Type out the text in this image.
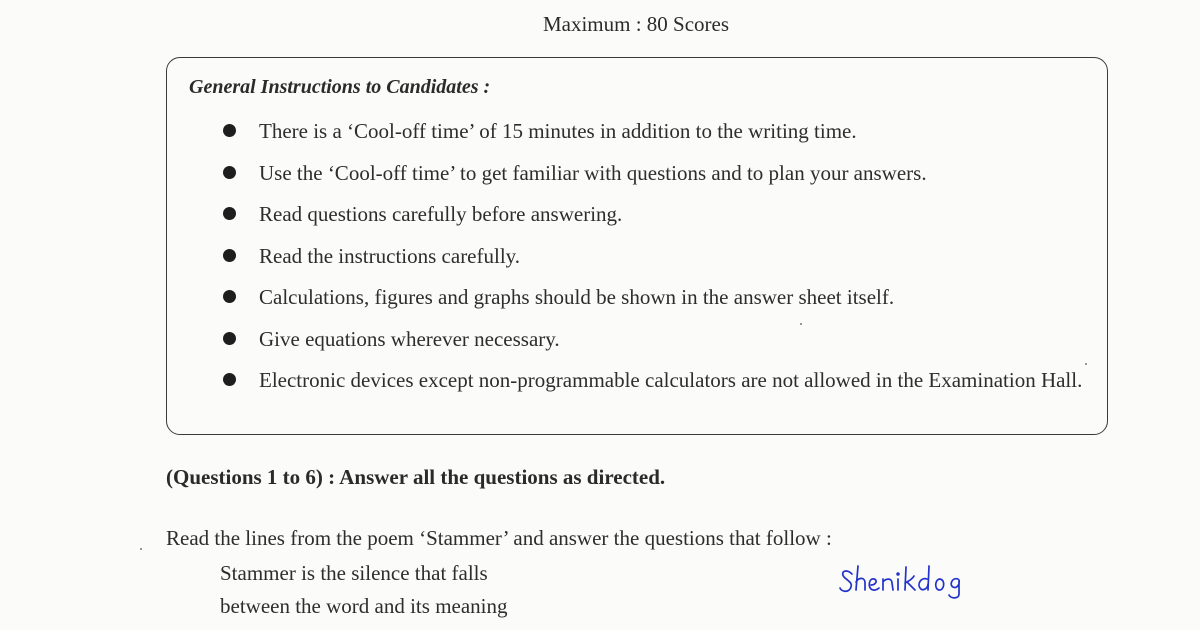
Maximum : 80 Scores
General Instructions to Candidates :
There is a ‘Cool-off time’ of 15 minutes in addition to the writing time.
Use the ‘Cool-off time’ to get familiar with questions and to plan your answers.
Read questions carefully before answering.
Read the instructions carefully.
Calculations, figures and graphs should be shown in the answer sheet itself.
Give equations wherever necessary.
Electronic devices except non-programmable calculators are not allowed in the Examination Hall.
(Questions 1 to 6) : Answer all the questions as directed.
Read the lines from the poem ‘Stammer’ and answer the questions that follow :
Stammer is the silence that falls
between the word and its meaning
